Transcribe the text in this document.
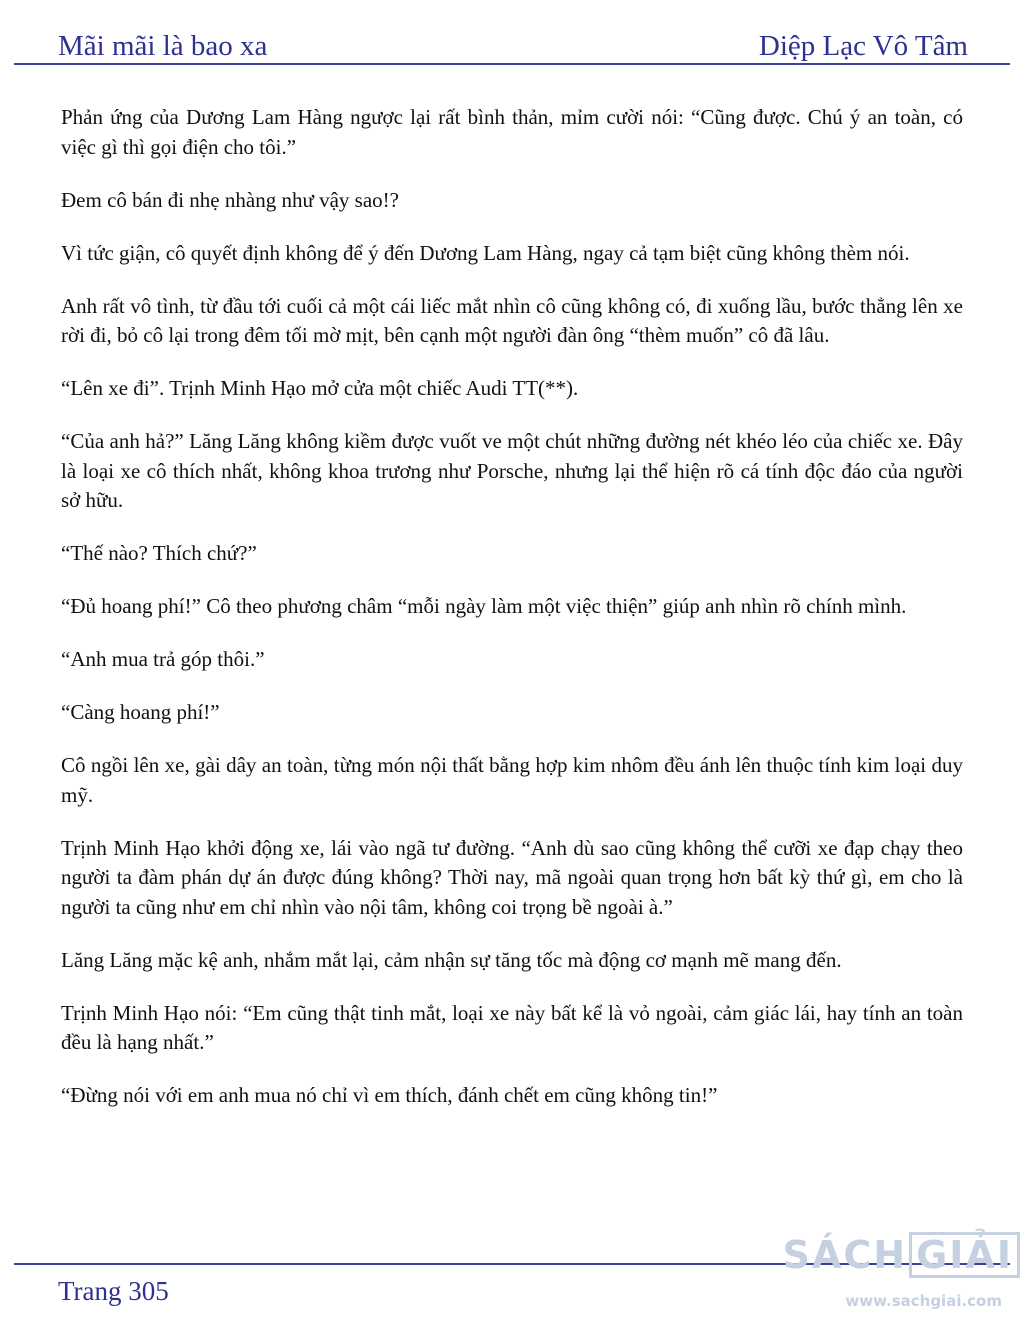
Mãi mãi là bao xa	Diệp Lạc Vô Tâm

Phản ứng của Dương Lam Hàng ngược lại rất bình thản, mỉm cười nói: “Cũng được. Chú ý an toàn, có việc gì thì gọi điện cho tôi.”

Đem cô bán đi nhẹ nhàng như vậy sao!?

Vì tức giận, cô quyết định không để ý đến Dương Lam Hàng, ngay cả tạm biệt cũng không thèm nói.

Anh rất vô tình, từ đầu tới cuối cả một cái liếc mắt nhìn cô cũng không có, đi xuống lầu, bước thẳng lên xe rời đi, bỏ cô lại trong đêm tối mờ mịt, bên cạnh một người đàn ông “thèm muốn” cô đã lâu.

“Lên xe đi”. Trịnh Minh Hạo mở cửa một chiếc Audi TT(**).

“Của anh hả?” Lăng Lăng không kiềm được vuốt ve một chút những đường nét khéo léo của chiếc xe. Đây là loại xe cô thích nhất, không khoa trương như Porsche, nhưng lại thể hiện rõ cá tính độc đáo của người sở hữu.

“Thế nào? Thích chứ?”

“Đủ hoang phí!” Cô theo phương châm “mỗi ngày làm một việc thiện” giúp anh nhìn rõ chính mình.

“Anh mua trả góp thôi.”

“Càng hoang phí!”

Cô ngồi lên xe, gài dây an toàn, từng món nội thất bằng hợp kim nhôm đều ánh lên thuộc tính kim loại duy mỹ.

Trịnh Minh Hạo khởi động xe, lái vào ngã tư đường. “Anh dù sao cũng không thể cưỡi xe đạp chạy theo người ta đàm phán dự án được đúng không? Thời nay, mã ngoài quan trọng hơn bất kỳ thứ gì, em cho là người ta cũng như em chỉ nhìn vào nội tâm, không coi trọng bề ngoài à.”

Lăng Lăng mặc kệ anh, nhắm mắt lại, cảm nhận sự tăng tốc mà động cơ mạnh mẽ mang đến.

Trịnh Minh Hạo nói: “Em cũng thật tinh mắt, loại xe này bất kể là vỏ ngoài, cảm giác lái, hay tính an toàn đều là hạng nhất.”

“Đừng nói với em anh mua nó chỉ vì em thích, đánh chết em cũng không tin!”

Trang 305
SÁCH GIẢI
www.sachgiai.com
